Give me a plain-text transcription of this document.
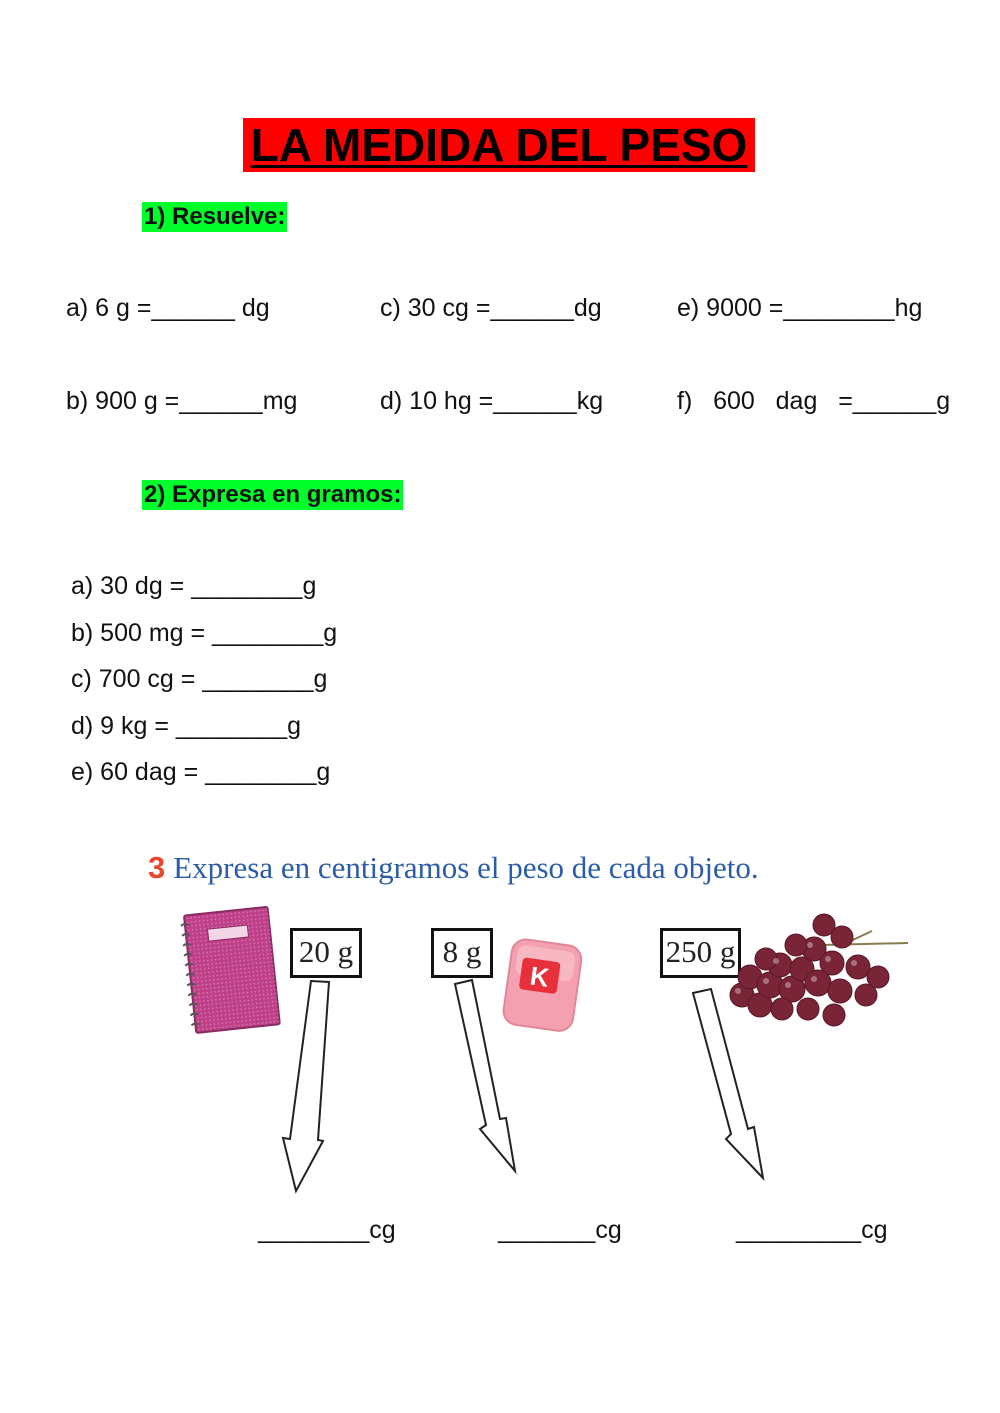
LA MEDIDA DEL PESO
1) Resuelve:
a) 6 g =______ dg	c) 30 cg =______dg	e) 9000 =________hg
b) 900 g =______mg	d) 10 hg =______kg	f)   600   dag   =______g
2) Expresa en gramos:
a) 30 dg = ________g
b) 500 mg = ________g
c) 700 cg = ________g
d) 9 kg = ________g
e) 60 dag = ________g
3 Expresa en centigramos el peso de cada objeto.
20 g	8 g	250 g
K
________cg	_______cg	_________cg
